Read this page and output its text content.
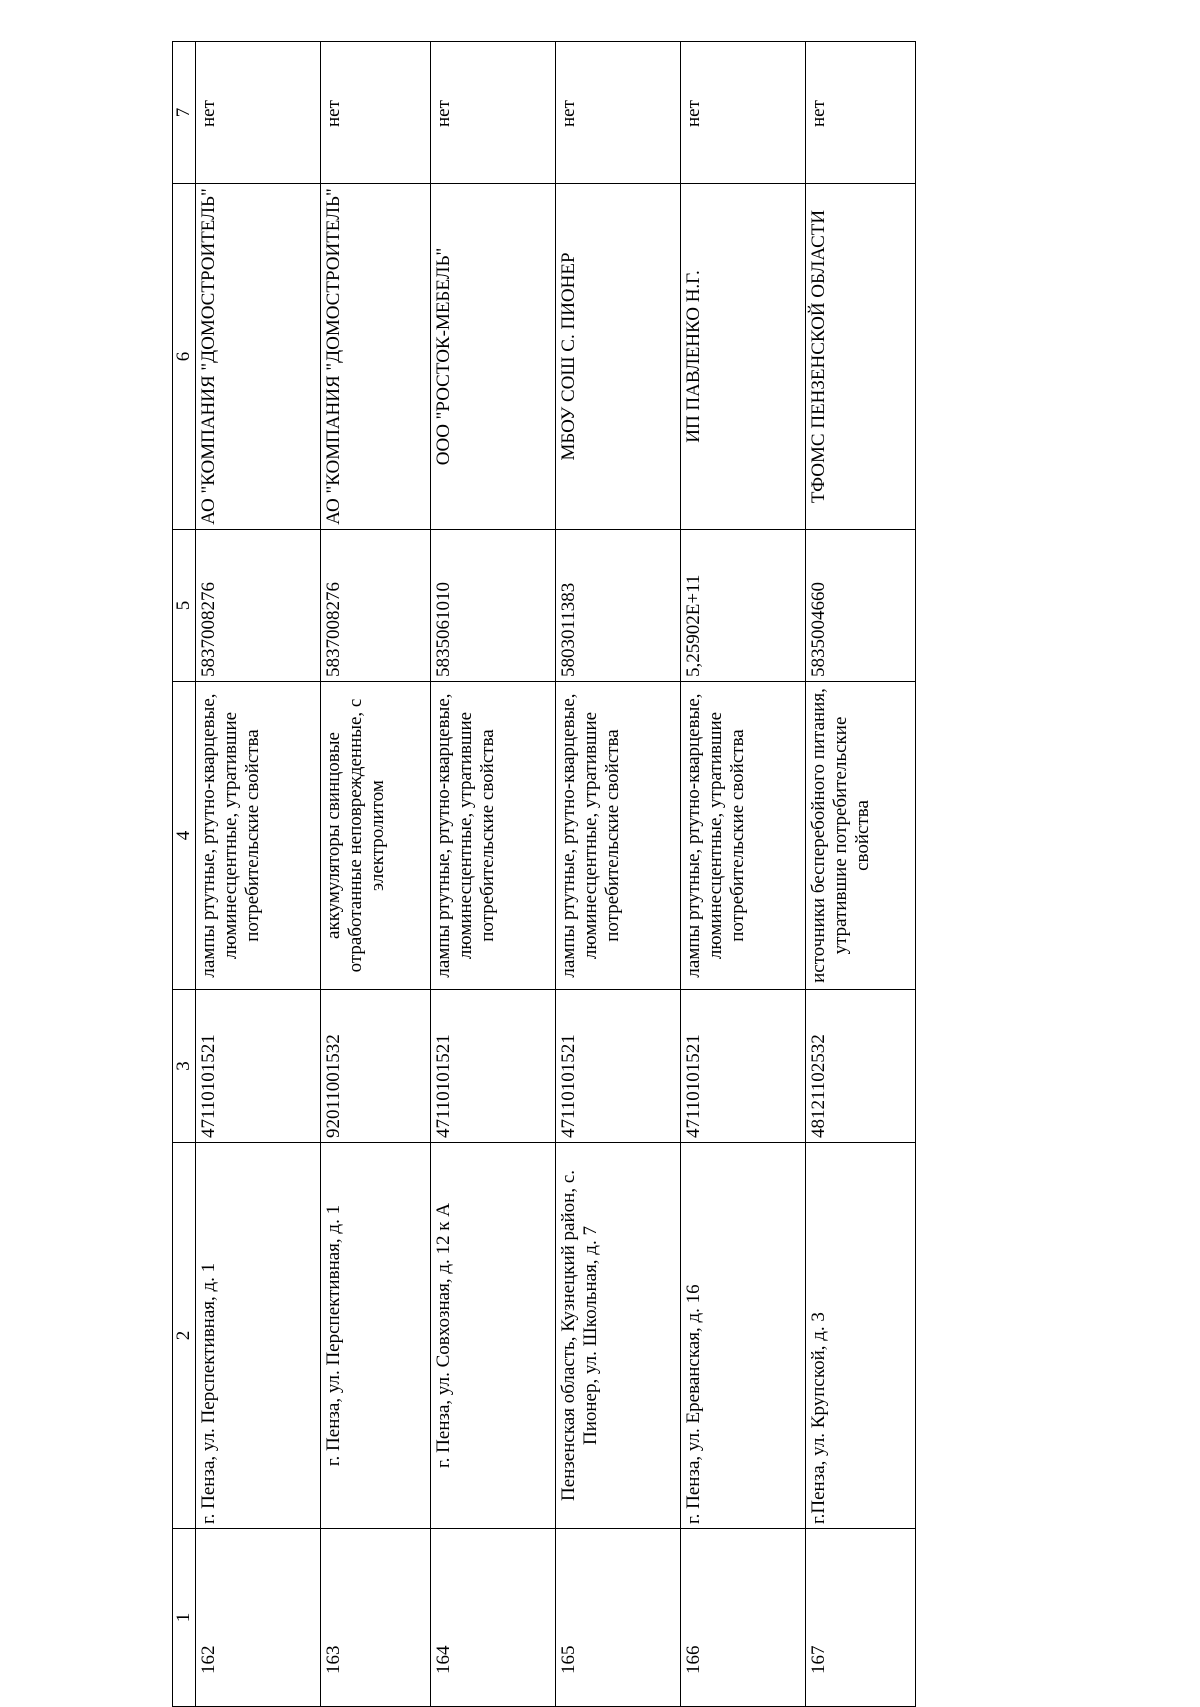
1	2	3	4	5	6	7
162	г. Пенза, ул. Перспективная, д. 1	47110101521	лампы ртутные, ртутно-кварцевые, люминесцентные, утратившие потребительские свойства	5837008276	АО "КОМПАНИЯ "ДОМОСТРОИТЕЛЬ"	нет
163	г. Пенза, ул. Перспективная, д. 1	92011001532	аккумуляторы свинцовые отработанные неповрежденные, с электролитом	5837008276	АО "КОМПАНИЯ "ДОМОСТРОИТЕЛЬ"	нет
164	г. Пенза, ул. Совхозная, д. 12 к А	47110101521	лампы ртутные, ртутно-кварцевые, люминесцентные, утратившие потребительские свойства	5835061010	ООО "РОСТОК-МЕБЕЛЬ"	нет
165	Пензенская область, Кузнецкий район, с. Пионер, ул. Школьная, д. 7	47110101521	лампы ртутные, ртутно-кварцевые, люминесцентные, утратившие потребительские свойства	5803011383	МБОУ СОШ С. ПИОНЕР	нет
166	г. Пенза, ул. Ереванская, д. 16	47110101521	лампы ртутные, ртутно-кварцевые, люминесцентные, утратившие потребительские свойства	5,25902E+11	ИП ПАВЛЕНКО Н.Г.	нет
167	г.Пенза, ул. Крупской, д. 3	48121102532	источники бесперебойного питания, утратившие потребительские свойства	5835004660	ТФОМС ПЕНЗЕНСКОЙ ОБЛАСТИ	нет
